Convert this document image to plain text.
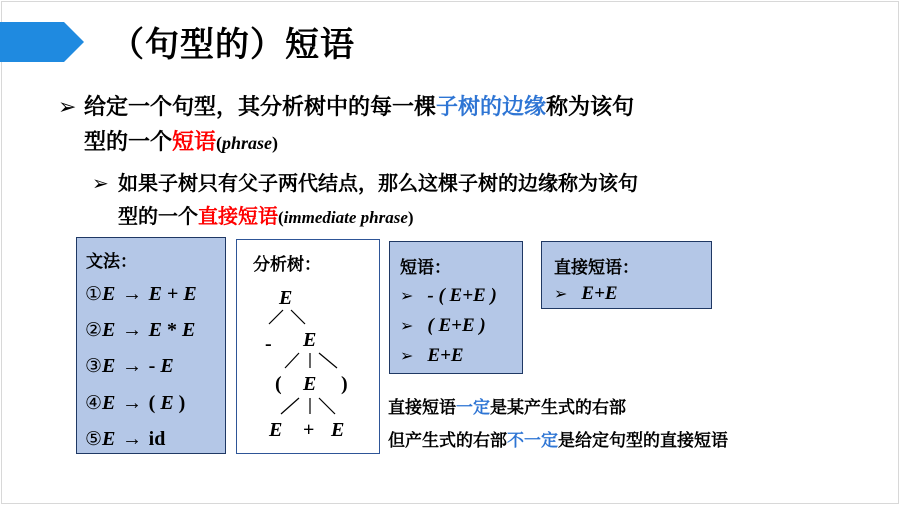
（句型的）短语
➢ 给定一个句型，其分析树中的每一棵子树的边缘称为该句
型的一个短语(phrase)
➢ 如果子树只有父子两代结点，那么这棵子树的边缘称为该句
型的一个直接短语(immediate phrase)
文法：
①E → E + E
②E → E * E
③E → - E
④E → ( E )
⑤E → id
分析树：
E
- E
( E )
E + E
短语：
➢ - ( E+E )
➢ ( E+E )
➢ E+E
直接短语：
➢ E+E
直接短语一定是某产生式的右部
但产生式的右部不一定是给定句型的直接短语
